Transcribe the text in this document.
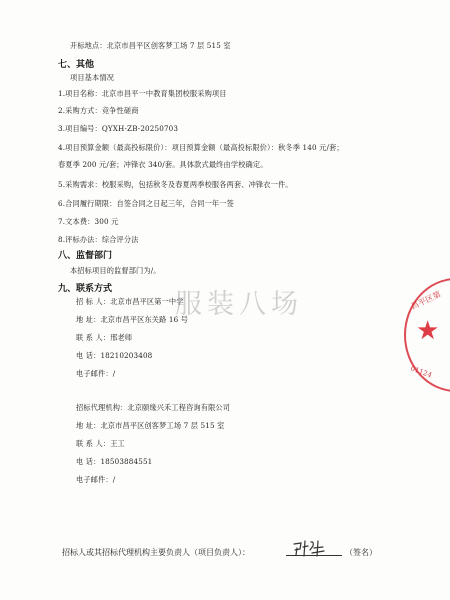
开标地点：北京市昌平区创客梦工场 7 层 515 室
七、其他
项目基本情况
1.项目名称：北京市昌平一中教育集团校服采购项目
2.采购方式：竞争性磋商
3.项目编号：QYXH-ZB-20250703
4.项目预算金额（最高投标限价）：项目预算金额（最高投标限价）：秋冬季 140 元/套；
春夏季 200 元/套；冲锋衣 340/套。具体款式最终由学校确定。
5.采购需求：校服采购，包括秋冬及春夏两季校服各两套、冲锋衣一件。
6.合同履行期限：自签合同之日起三年，合同一年一签
7.文本费：300 元
8.评标办法：综合评分法
八、监督部门
本招标项目的监督部门为/。
九、联系方式
招 标 人：北京市昌平区第一中学
地 址：北京市昌平区东关路 16 号
联 系 人：邢老师
电 话：18210203408
电子邮件：/
招标代理机构：北京颐缘兴禾工程咨询有限公司
地 址：北京市昌平区创客梦工场 7 层 515 室
联 系 人：王工
电 话：18503884551
电子邮件：/
招标人或其招标代理机构主要负责人（项目负责人）：	（签名）
服装八场	昌平区第
★
01124
